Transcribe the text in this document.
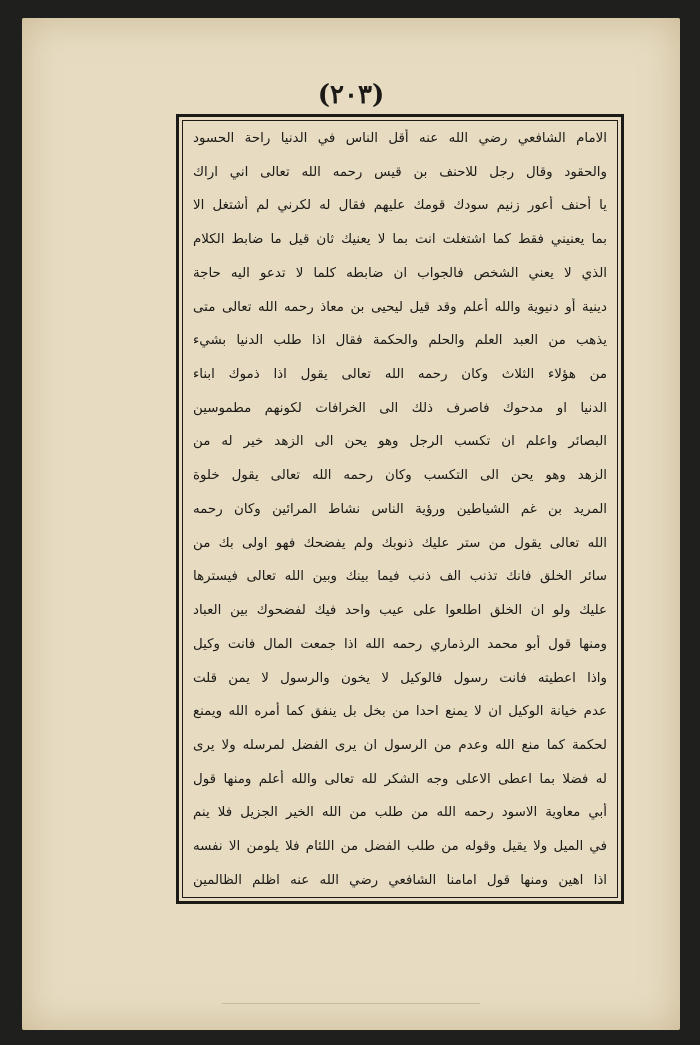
(٢٠٣)
الامام الشافعي رضي الله عنه أقل الناس في الدنيا راحة الحسود
والحقود وقال رجل للاحنف بن قيس رحمه الله تعالى اني اراك
يا أحنف أعور زنيم سودك قومك عليهم فقال له لكرني لم أشتغل الا
بما يعنيني فقط كما اشتغلت انت بما لا يعنيك ثان قيل ما ضابط الكلام
الذي لا يعني الشخص فالجواب ان ضابطه كلما لا تدعو اليه حاجة
دينية أو دنيوية والله أعلم وقد قيل ليحيى بن معاذ رحمه الله تعالى متى
يذهب من العبد العلم والحلم والحكمة فقال اذا طلب الدنيا بشيء
من هؤلاء الثلاث وكان رحمه الله تعالى يقول اذا ذموك ابناء
الدنيا او مدحوك فاصرف ذلك الى الخرافات لكونهم مطموسين
البصائر واعلم ان تكسب الرجل وهو يحن الى الزهد خير له من
الزهد وهو يحن الى التكسب وكان رحمه الله تعالى يقول خلوة
المريد بن غم الشياطين ورؤية الناس نشاط المرائين وكان رحمه
الله تعالى يقول من ستر عليك ذنوبك ولم يفضحك فهو اولى بك من
سائر الخلق فانك تذنب الف ذنب فيما بينك وبين الله تعالى فيسترها
عليك ولو ان الخلق اطلعوا على عيب واحد فيك لفضحوك بين العباد
ومنها قول أبو محمد الرذماري رحمه الله اذا جمعت المال فانت وكيل
واذا اعطيته فانت رسول فالوكيل لا يخون والرسول لا يمن قلت
عدم خيانة الوكيل ان لا يمنع احدا من بخل بل ينفق كما أمره الله ويمنع
لحكمة كما منع الله وعدم من الرسول ان يرى الفضل لمرسله ولا يرى
له فضلا بما اعطى الاعلى وجه الشكر لله تعالى والله أعلم ومنها قول
أبي معاوية الاسود رحمه الله من طلب من الله الخير الجزيل فلا ينم
في الميل ولا يقيل وقوله من طلب الفضل من اللئام فلا يلومن الا نفسه
اذا اهين ومنها قول امامنا الشافعي رضي الله عنه اظلم الظالمين
